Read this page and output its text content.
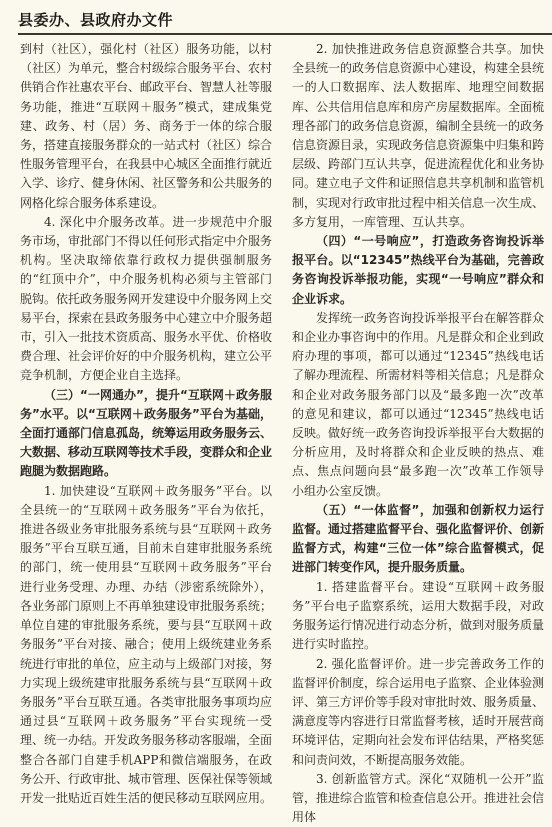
县委办、县政府办文件

到村（社区），强化村（社区）服务功能，以村（社区）为单元，整合村级综合服务平台、农村供销合作社惠农平台、邮政平台、智慧人社等服务功能，推进“互联网＋服务”模式，建成集党建、政务、村（居）务、商务于一体的综合服务，搭建直接服务群众的一站式村（社区）综合性服务管理平台，在我县中心城区全面推行就近入学、诊疗、健身休闲、社区警务和公共服务的网格化综合服务体系建设。

4. 深化中介服务改革。进一步规范中介服务市场，审批部门不得以任何形式指定中介服务机构。坚决取缔依靠行政权力提供强制服务的“红顶中介”，中介服务机构必须与主管部门脱钩。依托政务服务网开发建设中介服务网上交易平台，探索在县政务服务中心建立中介服务超市，引入一批技术资质高、服务水平优、价格收费合理、社会评价好的中介服务机构，建立公平竞争机制，方便企业自主选择。

（三）“一网通办”，提升“互联网＋政务服务”水平。以“互联网＋政务服务”平台为基础，全面打通部门信息孤岛，统筹运用政务服务云、大数据、移动互联网等技术手段，变群众和企业跑腿为数据跑路。

1. 加快建设“互联网＋政务服务”平台。以全县统一的“互联网＋政务服务”平台为依托，推进各级业务审批服务系统与县“互联网＋政务服务”平台互联互通，目前未自建审批服务系统的部门，统一使用县“互联网＋政务服务”平台进行业务受理、办理、办结（涉密系统除外），各业务部门原则上不再单独建设审批服务系统；单位自建的审批服务系统，要与县“互联网＋政务服务”平台对接、融合；使用上级统建业务系统进行审批的单位，应主动与上级部门对接，努力实现上级统建审批服务系统与县“互联网＋政务服务”平台互联互通。各类审批服务事项均应通过县“互联网＋政务服务”平台实现统一受理、统一办结。开发政务服务移动客服端，全面整合各部门自建手机APP和微信端服务，在政务公开、行政审批、城市管理、医保社保等领域开发一批贴近百姓生活的便民移动互联网应用。

2. 加快推进政务信息资源整合共享。加快全县统一的政务信息资源中心建设，构建全县统一的人口数据库、法人数据库、地理空间数据库、公共信用信息库和房产房屋数据库。全面梳理各部门的政务信息资源，编制全县统一的政务信息资源目录，实现政务信息资源集中归集和跨层级、跨部门互认共享，促进流程优化和业务协同。建立电子文件和证照信息共享机制和监管机制，实现对行政审批过程中相关信息一次生成、多方复用，一库管理、互认共享。

（四）“一号响应”，打造政务咨询投诉举报平台。以“12345”热线平台为基础，完善政务咨询投诉举报功能，实现“一号响应”群众和企业诉求。

发挥统一政务咨询投诉举报平台在解答群众和企业办事咨询中的作用。凡是群众和企业到政府办理的事项，都可以通过“12345”热线电话了解办理流程、所需材料等相关信息；凡是群众和企业对政务服务部门以及“最多跑一次”改革的意见和建议，都可以通过“12345”热线电话反映。做好统一政务咨询投诉举报平台大数据的分析应用，及时将群众和企业反映的热点、难点、焦点问题向县“最多跑一次”改革工作领导小组办公室反馈。

（五）“一体监督”，加强和创新权力运行监督。通过搭建监督平台、强化监督评价、创新监督方式，构建“三位一体”综合监督模式，促进部门转变作风，提升服务质量。

1. 搭建监督平台。建设“互联网＋政务服务”平台电子监察系统，运用大数据手段，对政务服务运行情况进行动态分析，做到对服务质量进行实时监控。

2. 强化监督评价。进一步完善政务工作的监督评价制度，综合运用电子监察、企业体验测评、第三方评价等手段对审批时效、服务质量、满意度等内容进行日常监督考核，适时开展营商环境评估，定期向社会发布评估结果，严格奖惩和问责问效，不断提高服务效能。

3. 创新监管方式。深化“双随机一公开”监管，推进综合监管和检查信息公开。推进社会信用体
